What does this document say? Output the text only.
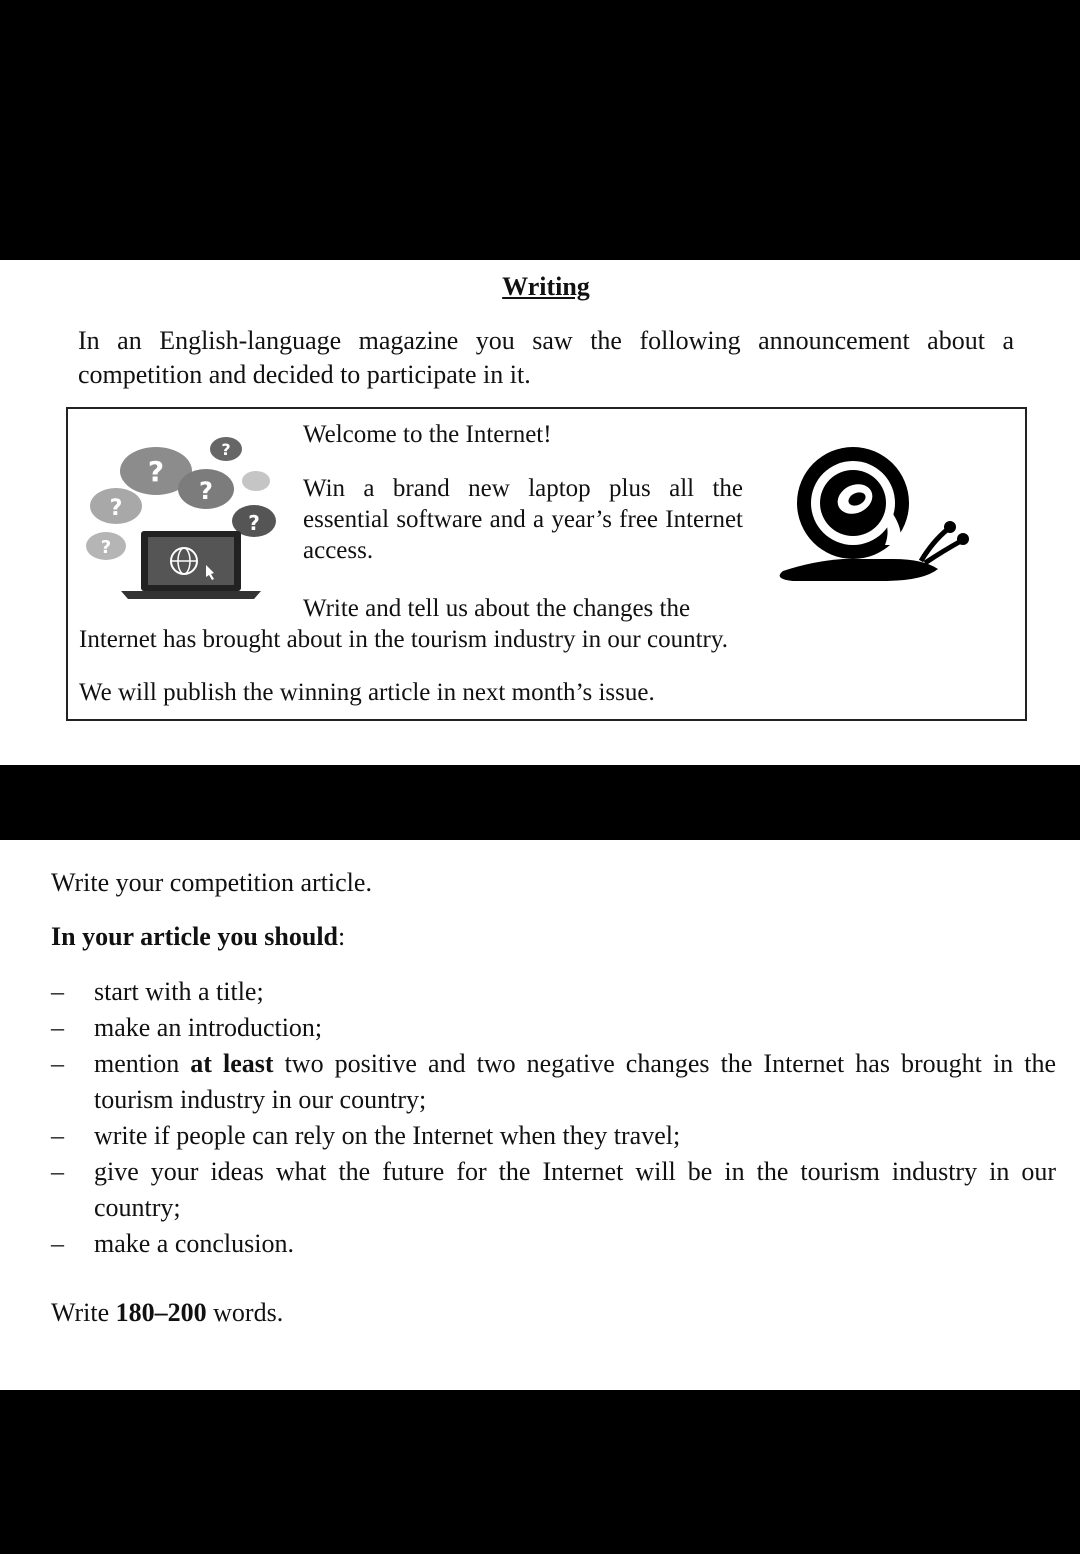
Writing
In an English-language magazine you saw the following announcement about a competition and decided to participate in it.
?
?
?
?
?
?
Welcome to the Internet!
Win a brand new laptop plus all the essential software and a year’s free Internet access.
Write and tell us about the changes the
Internet has brought about in the tourism industry in our country.
We will publish the winning article in next month’s issue.
Write your competition article.
In your article you should:
– start with a title;
– make an introduction;
– mention at least two positive and two negative changes the Internet has brought in the tourism industry in our country;
– write if people can rely on the Internet when they travel;
– give your ideas what the future for the Internet will be in the tourism industry in our country;
– make a conclusion.
Write 180–200 words.
